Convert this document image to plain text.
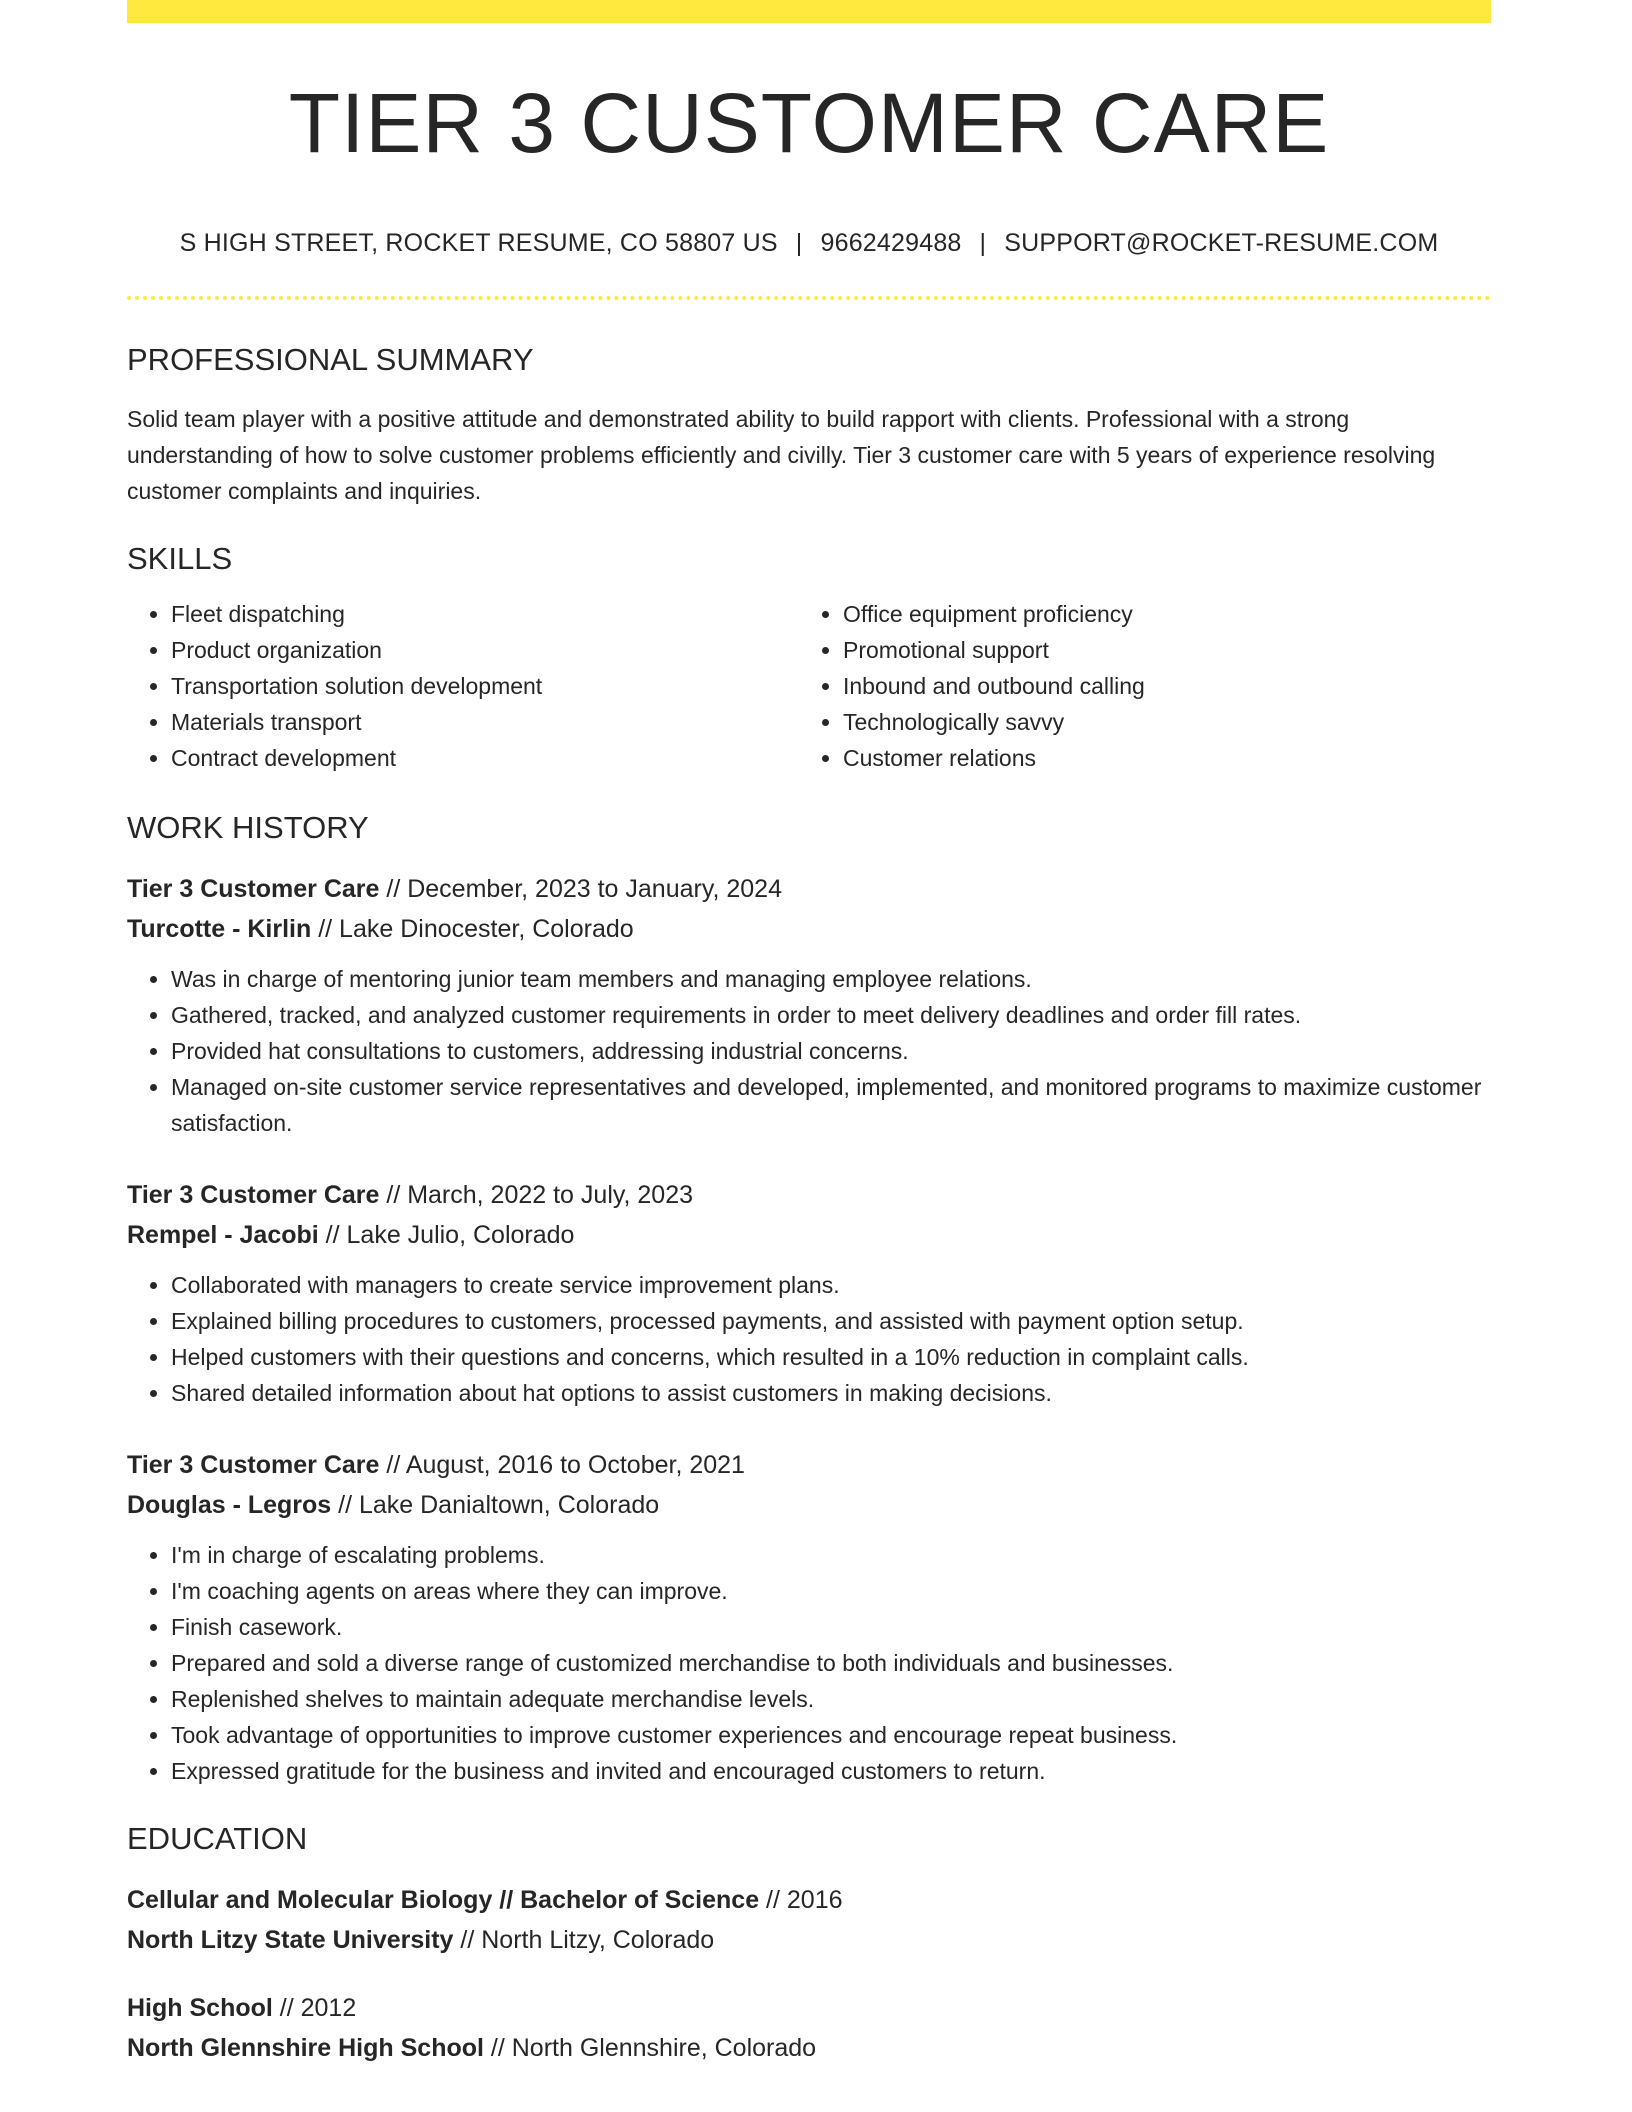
TIER 3 CUSTOMER CARE
S HIGH STREET, ROCKET RESUME, CO 58807 US | 9662429488 | SUPPORT@ROCKET-RESUME.COM
PROFESSIONAL SUMMARY

Solid team player with a positive attitude and demonstrated ability to build rapport with clients. Professional with a strong understanding of how to solve customer problems efficiently and civilly. Tier 3 customer care with 5 years of experience resolving customer complaints and inquiries.

SKILLS
• Fleet dispatching
• Product organization
• Transportation solution development
• Materials transport
• Contract development
• Office equipment proficiency
• Promotional support
• Inbound and outbound calling
• Technologically savvy
• Customer relations
WORK HISTORY
Tier 3 Customer Care // December, 2023 to January, 2024
Turcotte - Kirlin // Lake Dinocester, Colorado
• Was in charge of mentoring junior team members and managing employee relations.
• Gathered, tracked, and analyzed customer requirements in order to meet delivery deadlines and order fill rates.
• Provided hat consultations to customers, addressing industrial concerns.
• Managed on-site customer service representatives and developed, implemented, and monitored programs to maximize customer satisfaction.
Tier 3 Customer Care // March, 2022 to July, 2023
Rempel - Jacobi // Lake Julio, Colorado
• Collaborated with managers to create service improvement plans.
• Explained billing procedures to customers, processed payments, and assisted with payment option setup.
• Helped customers with their questions and concerns, which resulted in a 10% reduction in complaint calls.
• Shared detailed information about hat options to assist customers in making decisions.
Tier 3 Customer Care // August, 2016 to October, 2021
Douglas - Legros // Lake Danialtown, Colorado
• I'm in charge of escalating problems.
• I'm coaching agents on areas where they can improve.
• Finish casework.
• Prepared and sold a diverse range of customized merchandise to both individuals and businesses.
• Replenished shelves to maintain adequate merchandise levels.
• Took advantage of opportunities to improve customer experiences and encourage repeat business.
• Expressed gratitude for the business and invited and encouraged customers to return.
EDUCATION
Cellular and Molecular Biology // Bachelor of Science // 2016
North Litzy State University // North Litzy, Colorado
High School // 2012
North Glennshire High School // North Glennshire, Colorado
